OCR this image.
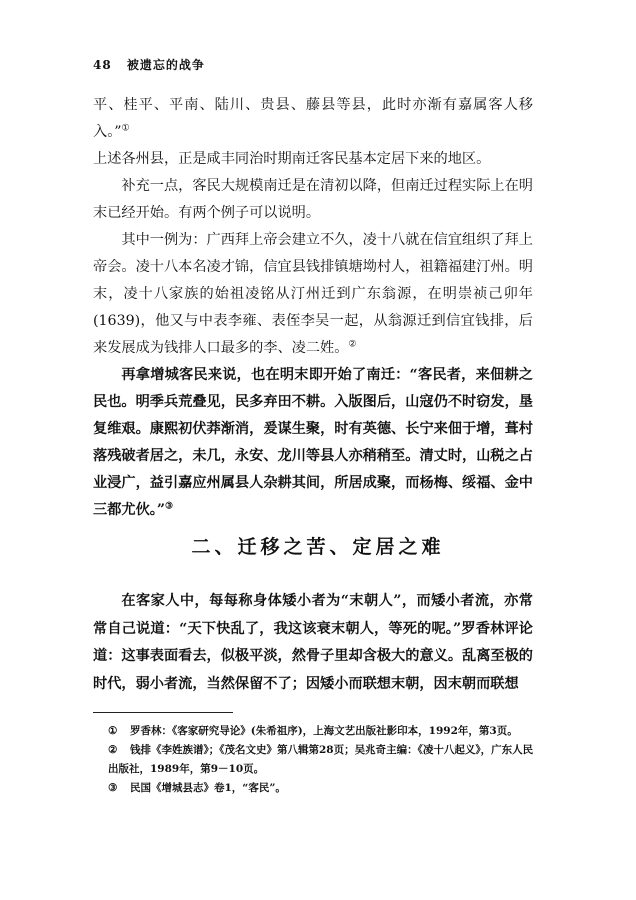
48 被遗忘的战争

平、桂平、平南、陆川、贵县、藤县等县，此时亦渐有嘉属客人移入。”①

上述各州县，正是咸丰同治时期南迁客民基本定居下来的地区。

补充一点，客民大规模南迁是在清初以降，但南迁过程实际上在明末已经开始。有两个例子可以说明。

其中一例为：广西拜上帝会建立不久，凌十八就在信宜组织了拜上帝会。凌十八本名凌才锦，信宜县钱排镇塘坳村人，祖籍福建汀州。明末，凌十八家族的始祖凌铭从汀州迁到广东翁源，在明崇祯己卯年(1639)，他又与中表李雍、表侄李吴一起，从翁源迁到信宜钱排，后来发展成为钱排人口最多的李、凌二姓。②

再拿增城客民来说，也在明末即开始了南迁：“客民者，来佃耕之民也。明季兵荒叠见，民多弃田不耕。入版图后，山寇仍不时窃发，垦复维艰。康熙初伏莽渐消，爰谋生聚，时有英德、长宁来佃于增，葺村落残破者居之，未几，永安、龙川等县人亦稍稍至。清丈时，山税之占业浸广，益引嘉应州属县人杂耕其间，所居成聚，而杨梅、绥福、金中三都尤伙。”③

二、迁移之苦、定居之难

在客家人中，每每称身体矮小者为“末朝人”，而矮小者流，亦常常自己说道：“天下快乱了，我这该衰末朝人，等死的呢。”罗香林评论道：这事表面看去，似极平淡，然骨子里却含极大的意义。乱离至极的时代，弱小者流，当然保留不了；因矮小而联想末朝，因末朝而联想

① 罗香林：《客家研究导论》(朱希祖序)，上海文艺出版社影印本，1992年，第3页。

② 钱排《李姓族谱》；《茂名文史》第八辑第28页；吴兆奇主编：《凌十八起义》，广东人民出版社，1989年，第9－10页。

③ 民国《增城县志》卷1，“客民”。
